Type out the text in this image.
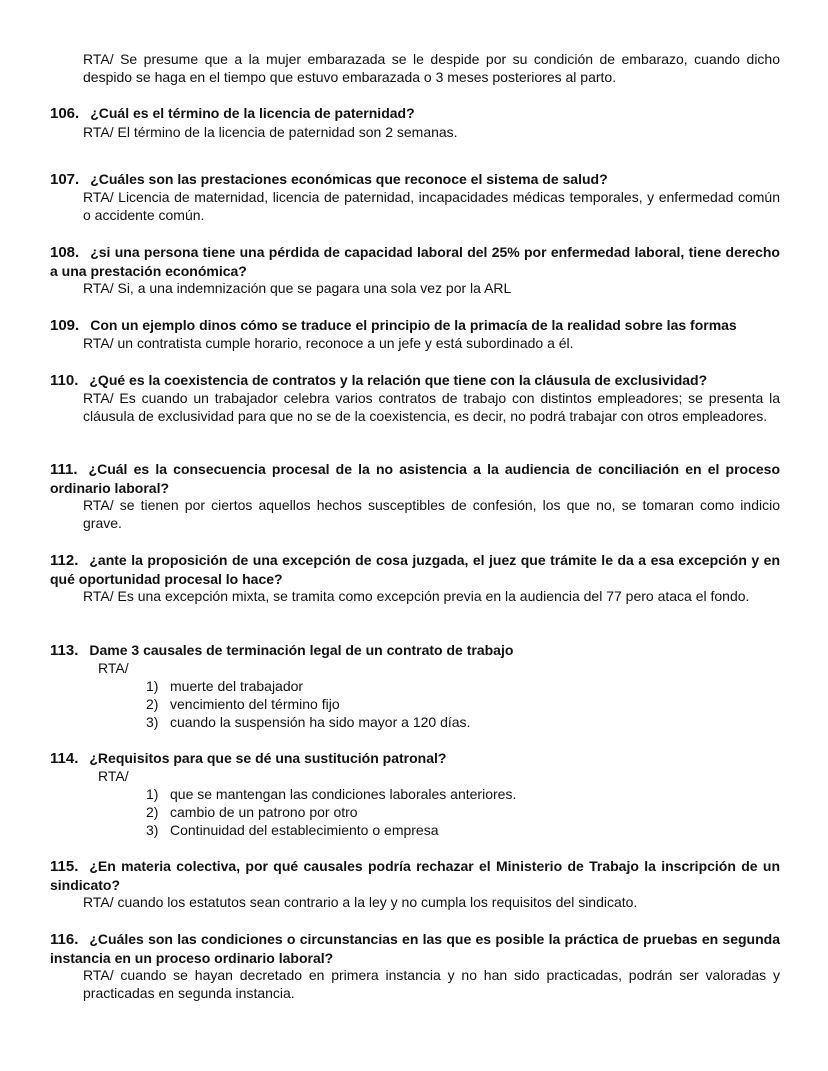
RTA/ Se presume que a la mujer embarazada se le despide por su condición de embarazo, cuando dicho despido se haga en el tiempo que estuvo embarazada o 3 meses posteriores al parto.
106. ¿Cuál es el término de la licencia de paternidad?
RTA/ El término de la licencia de paternidad son 2 semanas.
107. ¿Cuáles son las prestaciones económicas que reconoce el sistema de salud?
RTA/ Licencia de maternidad, licencia de paternidad, incapacidades médicas temporales, y enfermedad común o accidente común.
108. ¿si una persona tiene una pérdida de capacidad laboral del 25% por enfermedad laboral, tiene derecho a una prestación económica?
RTA/ Si, a una indemnización que se pagara una sola vez por la ARL
109. Con un ejemplo dinos cómo se traduce el principio de la primacía de la realidad sobre las formas
RTA/ un contratista cumple horario, reconoce a un jefe y está subordinado a él.
110. ¿Qué es la coexistencia de contratos y la relación que tiene con la cláusula de exclusividad?
RTA/ Es cuando un trabajador celebra varios contratos de trabajo con distintos empleadores; se presenta la cláusula de exclusividad para que no se de la coexistencia, es decir, no podrá trabajar con otros empleadores.
111. ¿Cuál es la consecuencia procesal de la no asistencia a la audiencia de conciliación en el proceso ordinario laboral?
RTA/ se tienen por ciertos aquellos hechos susceptibles de confesión, los que no, se tomaran como indicio grave.
112. ¿ante la proposición de una excepción de cosa juzgada, el juez que trámite le da a esa excepción y en qué oportunidad procesal lo hace?
RTA/ Es una excepción mixta, se tramita como excepción previa en la audiencia del 77 pero ataca el fondo.
113. Dame 3 causales de terminación legal de un contrato de trabajo
RTA/
1) muerte del trabajador
2) vencimiento del término fijo
3) cuando la suspensión ha sido mayor a 120 días.
114. ¿Requisitos para que se dé una sustitución patronal?
RTA/
1) que se mantengan las condiciones laborales anteriores.
2) cambio de un patrono por otro
3) Continuidad del establecimiento o empresa
115. ¿En materia colectiva, por qué causales podría rechazar el Ministerio de Trabajo la inscripción de un sindicato?
RTA/ cuando los estatutos sean contrario a la ley y no cumpla los requisitos del sindicato.
116. ¿Cuáles son las condiciones o circunstancias en las que es posible la práctica de pruebas en segunda instancia en un proceso ordinario laboral?
RTA/ cuando se hayan decretado en primera instancia y no han sido practicadas, podrán ser valoradas y practicadas en segunda instancia.
